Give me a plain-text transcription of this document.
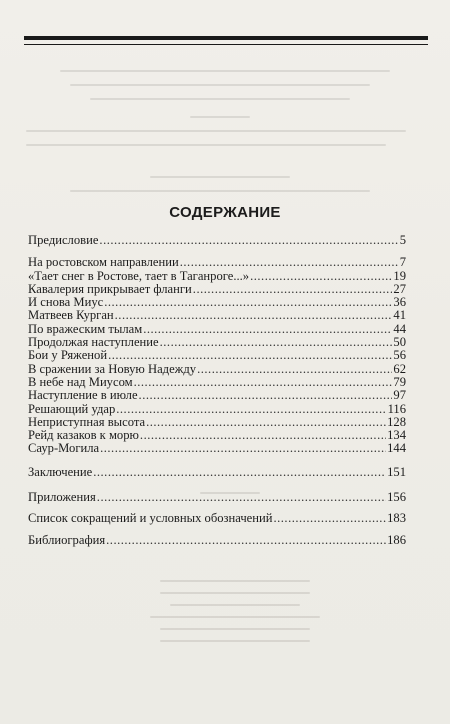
СОДЕРЖАНИЕ
Предисловие .....	5
На ростовском направлении .....	7
«Тает снег в Ростове, тает в Таганроге...» .....	19
Кавалерия прикрывает фланги .....	27
И снова Миус .....	36
Матвеев Курган .....	41
По вражеским тылам .....	44
Продолжая наступление .....	50
Бои у Ряженой .....	56
В сражении за Новую Надежду .....	62
В небе над Миусом .....	79
Наступление в июле .....	97
Решающий удар .....	116
Неприступная высота .....	128
Рейд казаков к морю .....	134
Саур-Могила .....	144
Заключение .....	151
Приложения .....	156
Список сокращений и условных обозначений .....	183
Библиография .....	186
